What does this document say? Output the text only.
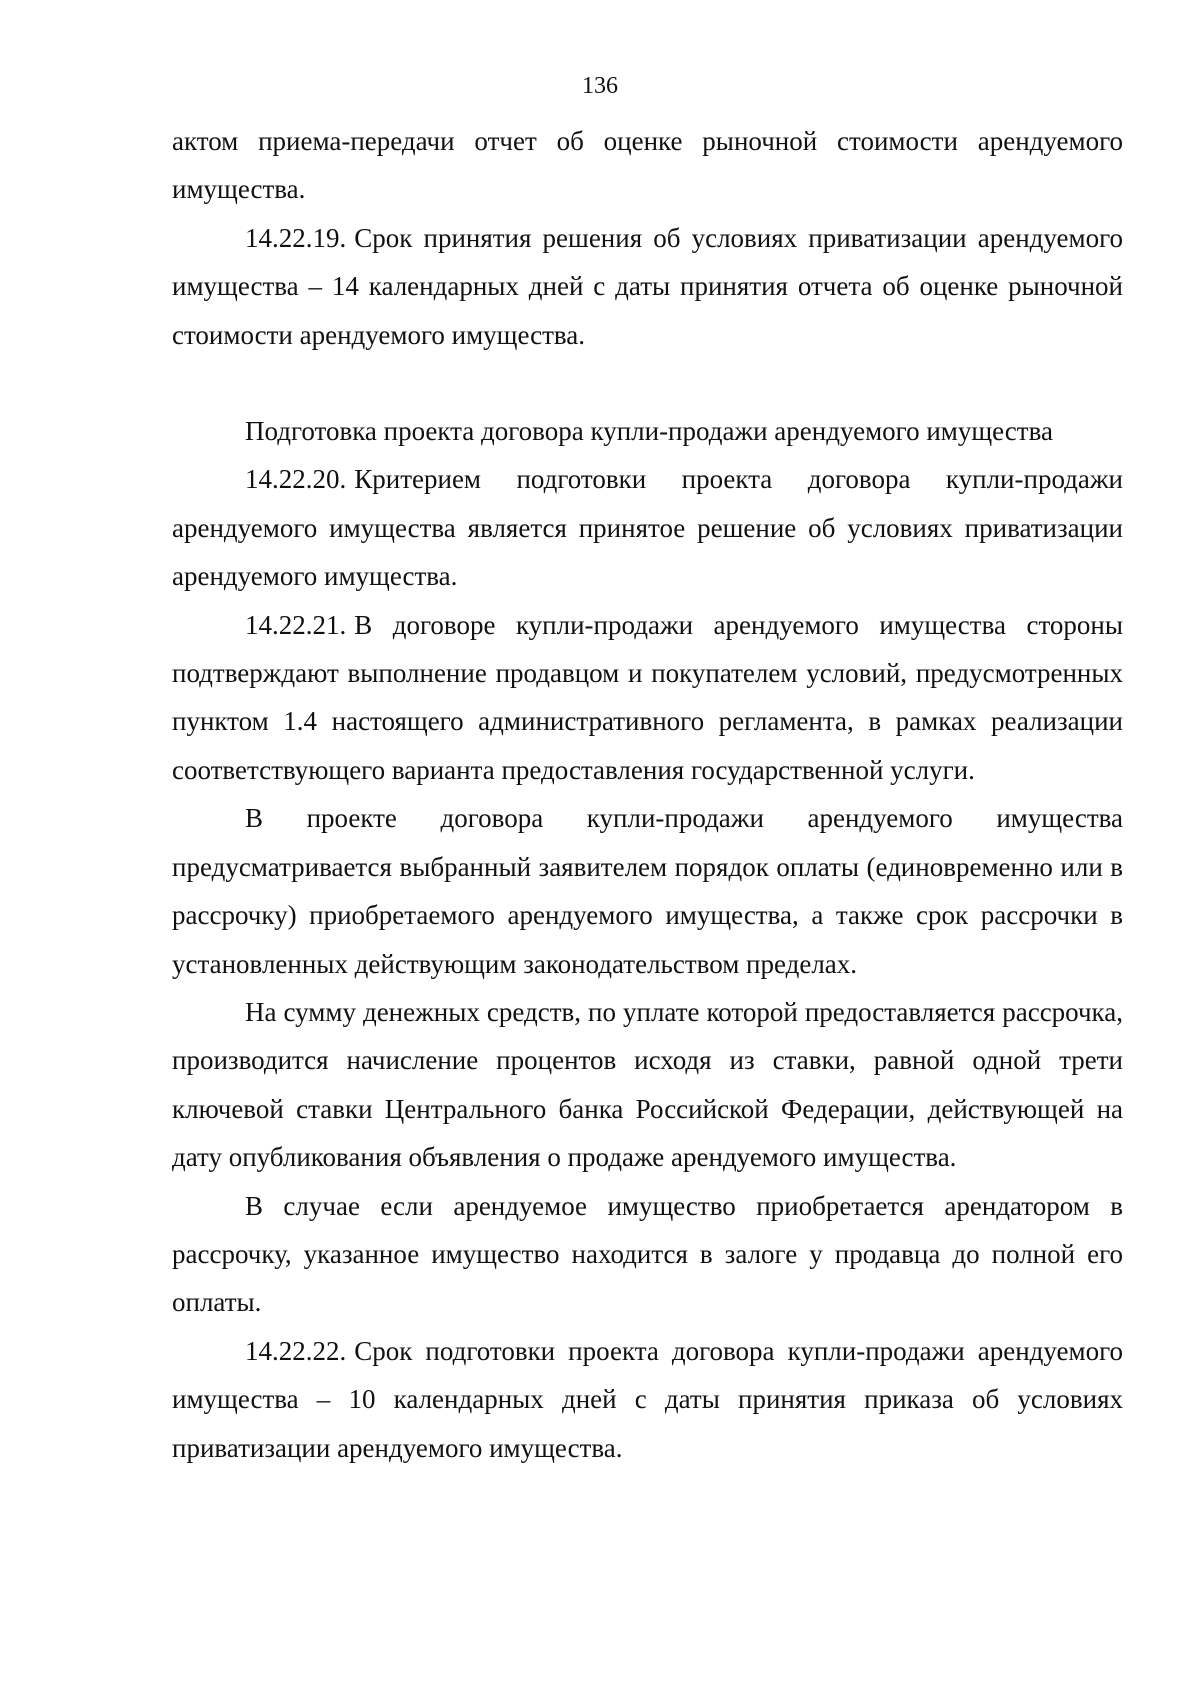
136

актом приема-передачи отчет об оценке рыночной стоимости арендуемого имущества.

14.22.19. Срок принятия решения об условиях приватизации арендуемого имущества – 14 календарных дней с даты принятия отчета об оценке рыночной стоимости арендуемого имущества.

Подготовка проекта договора купли-продажи арендуемого имущества

14.22.20. Критерием подготовки проекта договора купли-продажи арендуемого имущества является принятое решение об условиях приватизации арендуемого имущества.

14.22.21. В договоре купли-продажи арендуемого имущества стороны подтверждают выполнение продавцом и покупателем условий, предусмотренных пунктом 1.4 настоящего административного регламента, в рамках реализации соответствующего варианта предоставления государственной услуги.

В проекте договора купли-продажи арендуемого имущества предусматривается выбранный заявителем порядок оплаты (единовременно или в рассрочку) приобретаемого арендуемого имущества, а также срок рассрочки в установленных действующим законодательством пределах.

На сумму денежных средств, по уплате которой предоставляется рассрочка, производится начисление процентов исходя из ставки, равной одной трети ключевой ставки Центрального банка Российской Федерации, действующей на дату опубликования объявления о продаже арендуемого имущества.

В случае если арендуемое имущество приобретается арендатором в рассрочку, указанное имущество находится в залоге у продавца до полной его оплаты.

14.22.22. Срок подготовки проекта договора купли-продажи арендуемого имущества – 10 календарных дней с даты принятия приказа об условиях приватизации арендуемого имущества.
